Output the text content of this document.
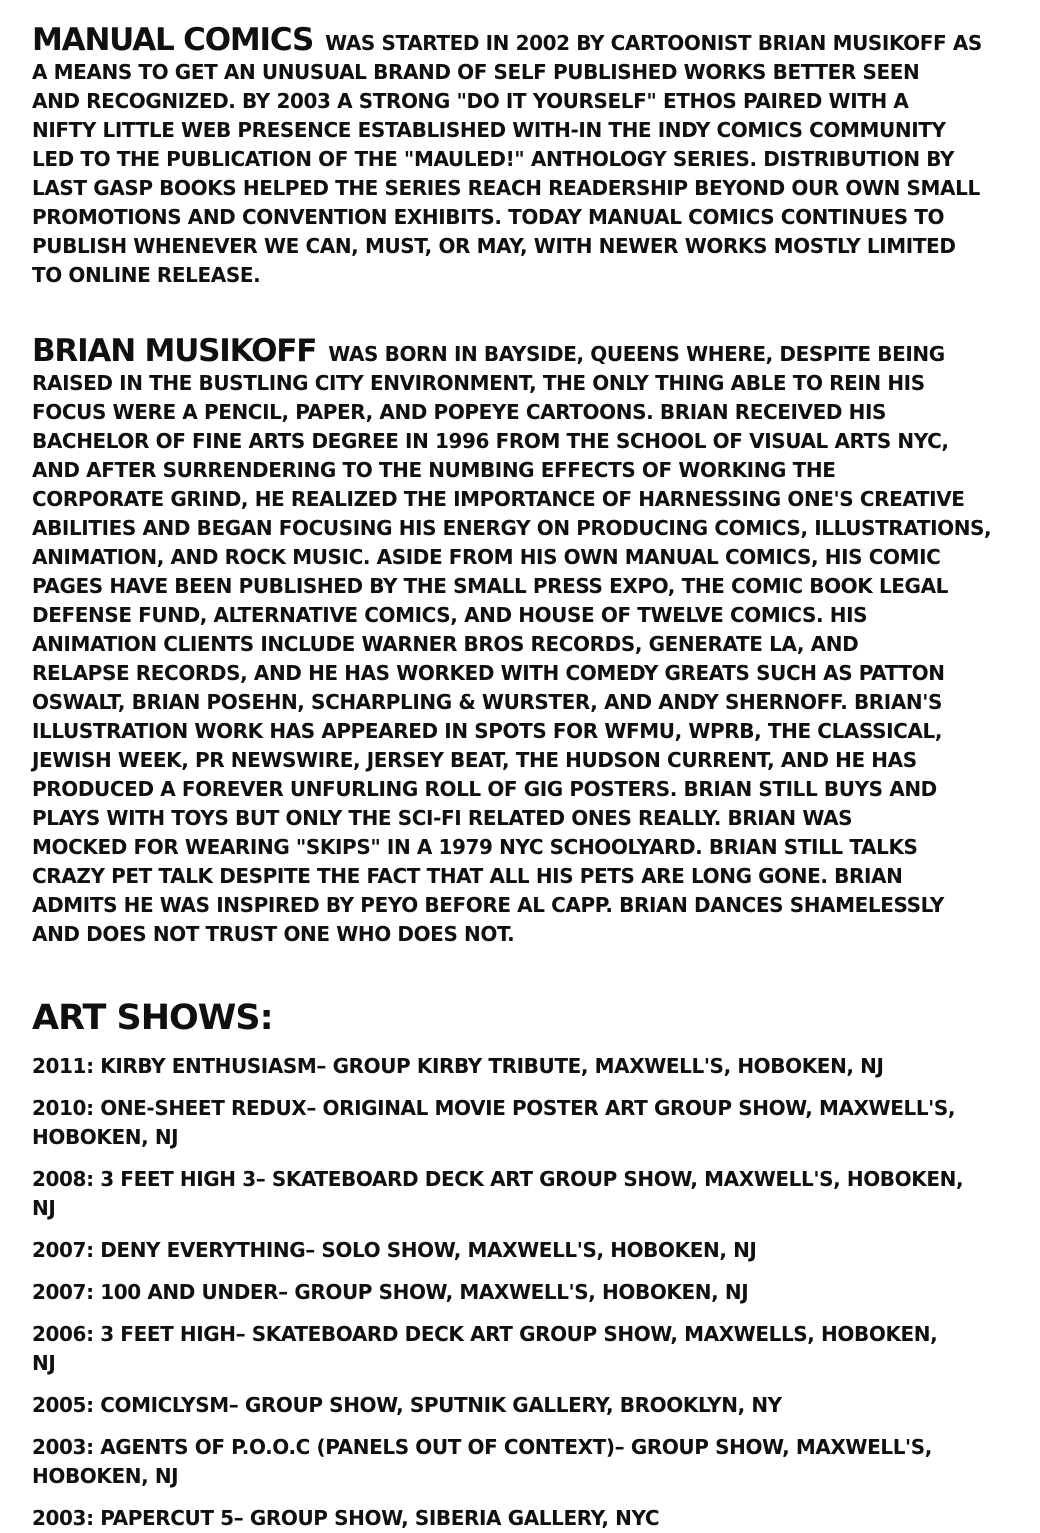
MANUAL COMICS WAS STARTED IN 2002 BY CARTOONIST BRIAN MUSIKOFF AS
A MEANS TO GET AN UNUSUAL BRAND OF SELF PUBLISHED WORKS BETTER SEEN
AND RECOGNIZED. BY 2003 A STRONG "DO IT YOURSELF" ETHOS PAIRED WITH A
NIFTY LITTLE WEB PRESENCE ESTABLISHED WITH-IN THE INDY COMICS COMMUNITY
LED TO THE PUBLICATION OF THE "MAULED!" ANTHOLOGY SERIES. DISTRIBUTION BY
LAST GASP BOOKS HELPED THE SERIES REACH READERSHIP BEYOND OUR OWN SMALL
PROMOTIONS AND CONVENTION EXHIBITS. TODAY MANUAL COMICS CONTINUES TO
PUBLISH WHENEVER WE CAN, MUST, OR MAY, WITH NEWER WORKS MOSTLY LIMITED
TO ONLINE RELEASE.
BRIAN MUSIKOFF WAS BORN IN BAYSIDE, QUEENS WHERE, DESPITE BEING
RAISED IN THE BUSTLING CITY ENVIRONMENT, THE ONLY THING ABLE TO REIN HIS
FOCUS WERE A PENCIL, PAPER, AND POPEYE CARTOONS. BRIAN RECEIVED HIS
BACHELOR OF FINE ARTS DEGREE IN 1996 FROM THE SCHOOL OF VISUAL ARTS NYC,
AND AFTER SURRENDERING TO THE NUMBING EFFECTS OF WORKING THE
CORPORATE GRIND, HE REALIZED THE IMPORTANCE OF HARNESSING ONE'S CREATIVE
ABILITIES AND BEGAN FOCUSING HIS ENERGY ON PRODUCING COMICS, ILLUSTRATIONS,
ANIMATION, AND ROCK MUSIC. ASIDE FROM HIS OWN MANUAL COMICS, HIS COMIC
PAGES HAVE BEEN PUBLISHED BY THE SMALL PRESS EXPO, THE COMIC BOOK LEGAL
DEFENSE FUND, ALTERNATIVE COMICS, AND HOUSE OF TWELVE COMICS. HIS
ANIMATION CLIENTS INCLUDE WARNER BROS RECORDS, GENERATE LA, AND
RELAPSE RECORDS, AND HE HAS WORKED WITH COMEDY GREATS SUCH AS PATTON
OSWALT, BRIAN POSEHN, SCHARPLING & WURSTER, AND ANDY SHERNOFF. BRIAN'S
ILLUSTRATION WORK HAS APPEARED IN SPOTS FOR WFMU, WPRB, THE CLASSICAL,
JEWISH WEEK, PR NEWSWIRE, JERSEY BEAT, THE HUDSON CURRENT, AND HE HAS
PRODUCED A FOREVER UNFURLING ROLL OF GIG POSTERS. BRIAN STILL BUYS AND
PLAYS WITH TOYS BUT ONLY THE SCI-FI RELATED ONES REALLY. BRIAN WAS
MOCKED FOR WEARING "SKIPS" IN A 1979 NYC SCHOOLYARD. BRIAN STILL TALKS
CRAZY PET TALK DESPITE THE FACT THAT ALL HIS PETS ARE LONG GONE. BRIAN
ADMITS HE WAS INSPIRED BY PEYO BEFORE AL CAPP. BRIAN DANCES SHAMELESSLY
AND DOES NOT TRUST ONE WHO DOES NOT.
ART SHOWS:
2011: KIRBY ENTHUSIASM– GROUP KIRBY TRIBUTE, MAXWELL'S, HOBOKEN, NJ
2010: ONE-SHEET REDUX– ORIGINAL MOVIE POSTER ART GROUP SHOW, MAXWELL'S,
HOBOKEN, NJ
2008: 3 FEET HIGH 3– SKATEBOARD DECK ART GROUP SHOW, MAXWELL'S, HOBOKEN,
NJ
2007: DENY EVERYTHING– SOLO SHOW, MAXWELL'S, HOBOKEN, NJ
2007: 100 AND UNDER– GROUP SHOW, MAXWELL'S, HOBOKEN, NJ
2006: 3 FEET HIGH– SKATEBOARD DECK ART GROUP SHOW, MAXWELLS, HOBOKEN,
NJ
2005: COMICLYSM– GROUP SHOW, SPUTNIK GALLERY, BROOKLYN, NY
2003: AGENTS OF P.O.O.C (PANELS OUT OF CONTEXT)– GROUP SHOW, MAXWELL'S,
HOBOKEN, NJ
2003: PAPERCUT 5– GROUP SHOW, SIBERIA GALLERY, NYC
